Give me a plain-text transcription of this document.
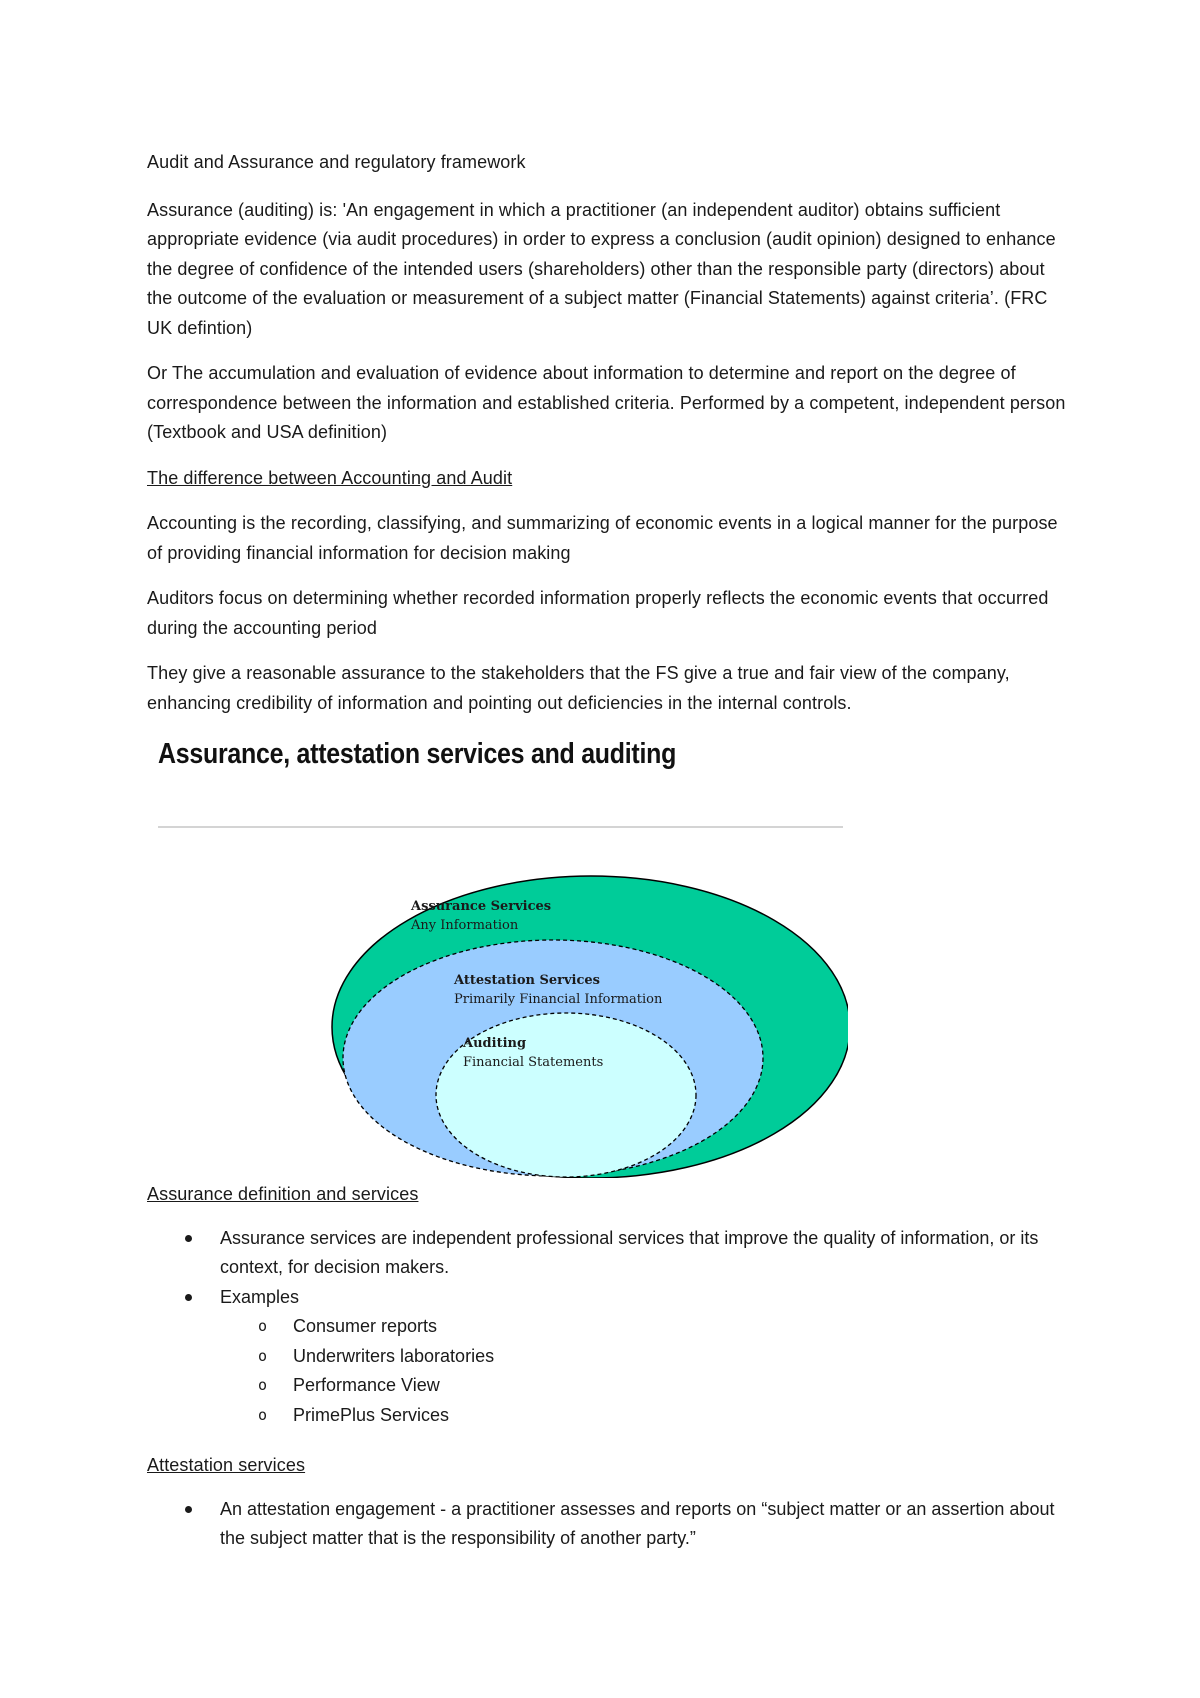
Audit and Assurance and regulatory framework

Assurance (auditing) is: 'An engagement in which a practitioner (an independent auditor) obtains sufficient appropriate evidence (via audit procedures) in order to express a conclusion (audit opinion) designed to enhance the degree of confidence of the intended users (shareholders) other than the responsible party (directors) about the outcome of the evaluation or measurement of a subject matter (Financial Statements) against criteria’. (FRC UK defintion)

Or The accumulation and evaluation of evidence about information to determine and report on the degree of correspondence between the information and established criteria. Performed by a competent, independent person (Textbook and USA definition)

The difference between Accounting and Audit

Accounting is the recording, classifying, and summarizing of economic events in a logical manner for the purpose of providing financial information for decision making

Auditors focus on determining whether recorded information properly reflects the economic events that occurred during the accounting period

They give a reasonable assurance to the stakeholders that the FS give a true and fair view of the company, enhancing credibility of information and pointing out deficiencies in the internal controls.

Assurance, attestation services and auditing

Assurance Services
Any Information
Attestation Services
Primarily Financial Information
Auditing
Financial Statements

Assurance definition and services

Assurance services are independent professional services that improve the quality of information, or its context, for decision makers.
Examples
o Consumer reports
o Underwriters laboratories
o Performance View
o PrimePlus Services

Attestation services

An attestation engagement - a practitioner assesses and reports on “subject matter or an assertion about the subject matter that is the responsibility of another party.”
